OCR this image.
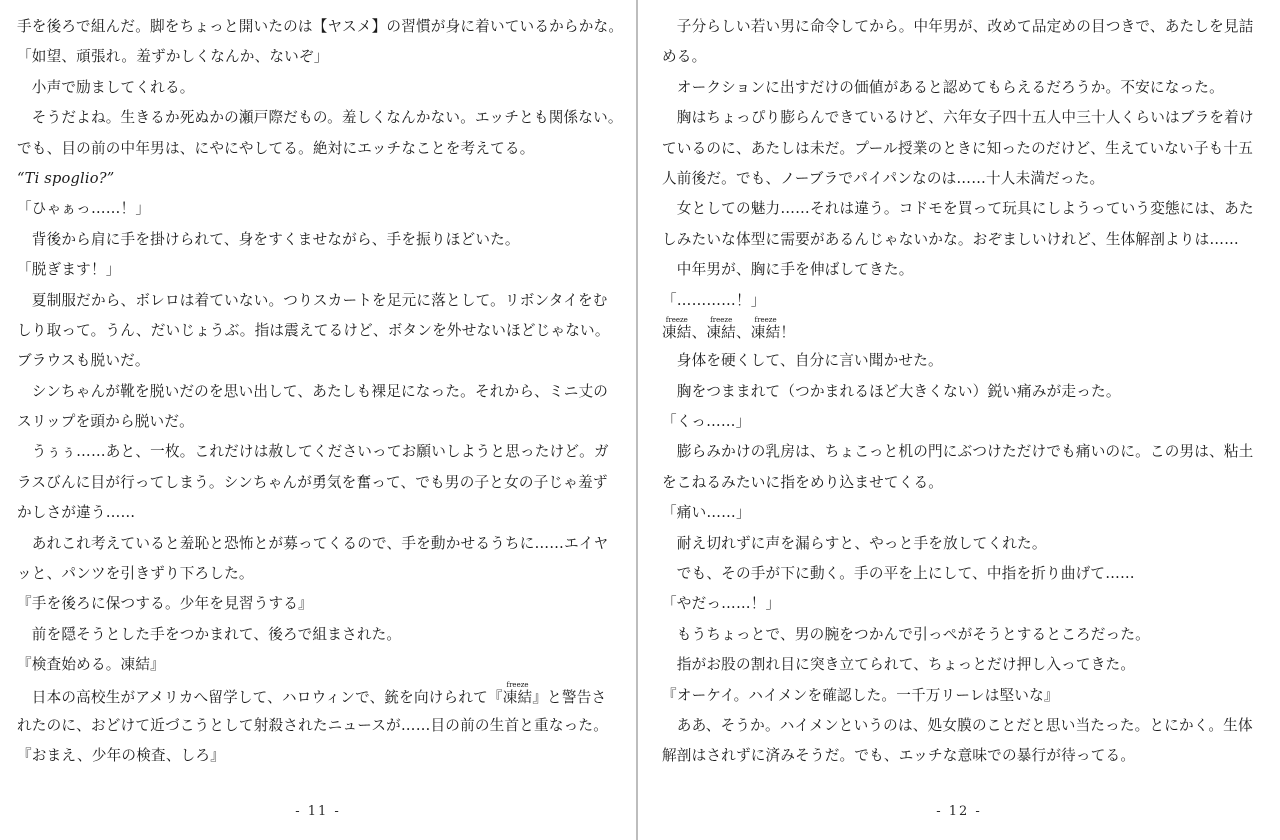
手を後ろで組んだ。脚をちょっと開いたのは【ヤスメ】の習慣が身に着いているからかな。
「如望、頑張れ。羞ずかしくなんか、ないぞ」
　小声で励ましてくれる。
　そうだよね。生きるか死ぬかの瀬戸際だもの。羞しくなんかない。エッチとも関係ない。
でも、目の前の中年男は、にやにやしてる。絶対にエッチなことを考えてる。
“Ti spoglio?”
「ひゃぁっ……！」
　背後から肩に手を掛けられて、身をすくませながら、手を振りほどいた。
「脱ぎます！」
　夏制服だから、ボレロは着ていない。つりスカートを足元に落として。リボンタイをむ
しり取って。うん、だいじょうぶ。指は震えてるけど、ボタンを外せないほどじゃない。
ブラウスも脱いだ。
　シンちゃんが靴を脱いだのを思い出して、あたしも裸足になった。それから、ミニ丈の
スリップを頭から脱いだ。
　うぅぅ……あと、一枚。これだけは赦してくださいってお願いしようと思ったけど。ガ
ラスびんに目が行ってしまう。シンちゃんが勇気を奮って、でも男の子と女の子じゃ羞ず
かしさが違う……
　あれこれ考えていると羞恥と恐怖とが募ってくるので、手を動かせるうちに……エイヤ
ッと、パンツを引きずり下ろした。
『手を後ろに保つする。少年を見習うする』
　前を隠そうとした手をつかまれて、後ろで組まされた。
『検査始める。凍結』
　日本の高校生がアメリカへ留学して、ハロウィンで、銃を向けられて『凍結freeze』と警告さ
れたのに、おどけて近づこうとして射殺されたニュースが……目の前の生首と重なった。
『おまえ、少年の検査、しろ』
- 11 -
　子分らしい若い男に命令してから。中年男が、改めて品定めの目つきで、あたしを見詰
める。
　オークションに出すだけの価値があると認めてもらえるだろうか。不安になった。
　胸はちょっぴり膨らんできているけど、六年女子四十五人中三十人くらいはブラを着け
ているのに、あたしは未だ。プール授業のときに知ったのだけど、生えていない子も十五
人前後だ。でも、ノーブラでパイパンなのは……十人未満だった。
　女としての魅力……それは違う。コドモを買って玩具にしようっていう変態には、あた
しみたいな体型に需要があるんじゃないかな。おぞましいけれど、生体解剖よりは……
　中年男が、胸に手を伸ばしてきた。
「…………！」
凍結freeze、凍結freeze、凍結freeze！
　身体を硬くして、自分に言い聞かせた。
　胸をつままれて（つかまれるほど大きくない）鋭い痛みが走った。
「くっ……」
　膨らみかけの乳房は、ちょこっと机の門にぶつけただけでも痛いのに。この男は、粘土
をこねるみたいに指をめり込ませてくる。
「痛い……」
　耐え切れずに声を漏らすと、やっと手を放してくれた。
　でも、その手が下に動く。手の平を上にして、中指を折り曲げて……
「やだっ……！」
　もうちょっとで、男の腕をつかんで引っぺがそうとするところだった。
　指がお股の割れ目に突き立てられて、ちょっとだけ押し入ってきた。
『オーケイ。ハイメンを確認した。一千万リーレは堅いな』
　ああ、そうか。ハイメンというのは、処女膜のことだと思い当たった。とにかく。生体
解剖はされずに済みそうだ。でも、エッチな意味での暴行が待ってる。
- 12 -
